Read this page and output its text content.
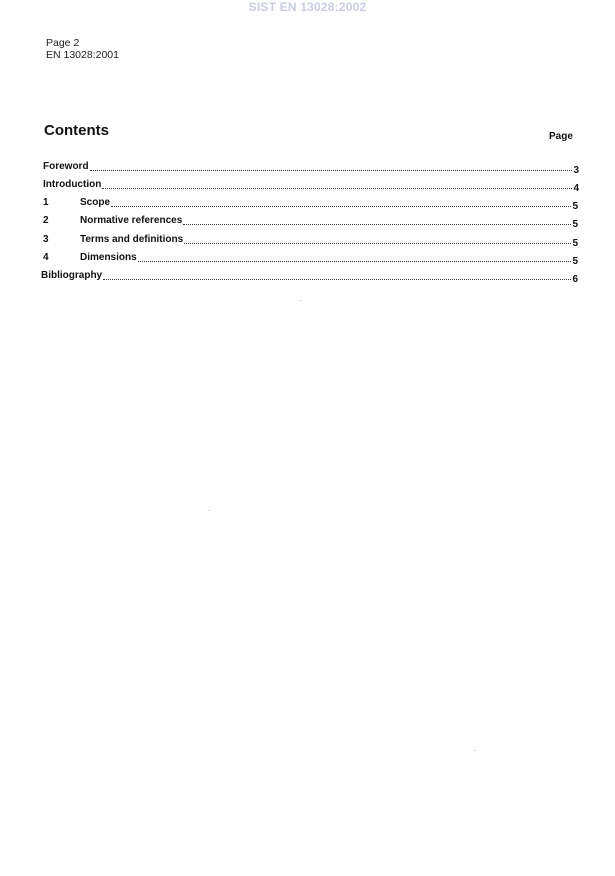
SIST EN 13028:2002
Page 2
EN 13028:2001
Contents	Page
Foreword	3
Introduction	4
1	Scope	5
2	Normative references	5
3	Terms and definitions	5
4	Dimensions	5
Bibliography	6
